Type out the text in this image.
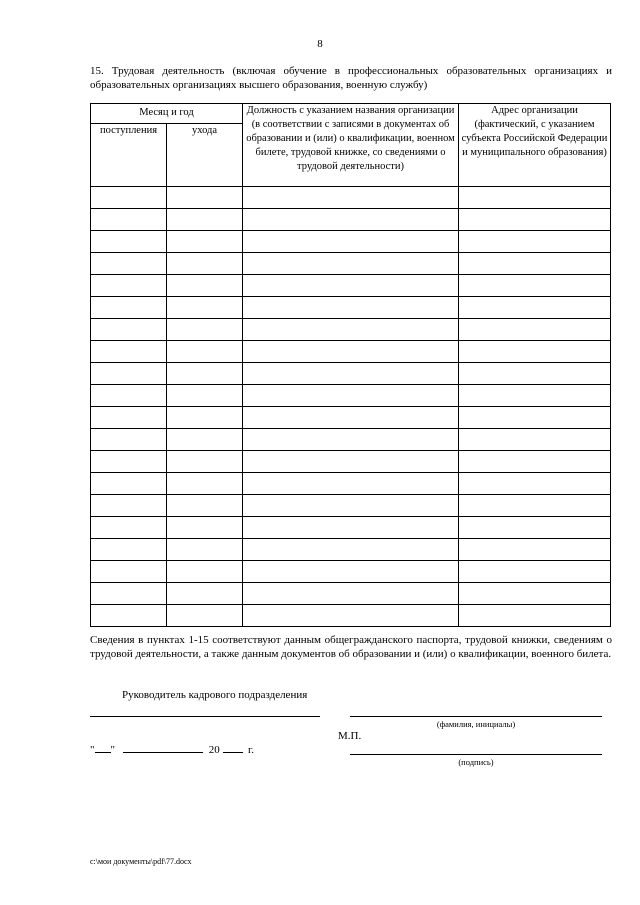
8
15. Трудовая деятельность (включая обучение в профессиональных образовательных организациях и образовательных организациях высшего образования, военную службу)
Месяц и год		Должность с указанием названия организации (в соответствии с записями в документах об образовании и (или) о квалификации, военном билете, трудовой книжке, со сведениями о трудовой деятельности)	Адрес организации (фактический, с указанием субъекта Российской Федерации и муниципального образования)
поступления	ухода		

Сведения в пунктах 1-15 соответствуют данным общегражданского паспорта, трудовой книжки, сведениям о трудовой деятельности, а также данным документов об образовании и (или) о квалификации, военного билета.
Руководитель кадрового подразделения
(фамилия, инициалы)
М.П.
" "	20	г.
(подпись)
c:\мои документы\pdf\77.docx
